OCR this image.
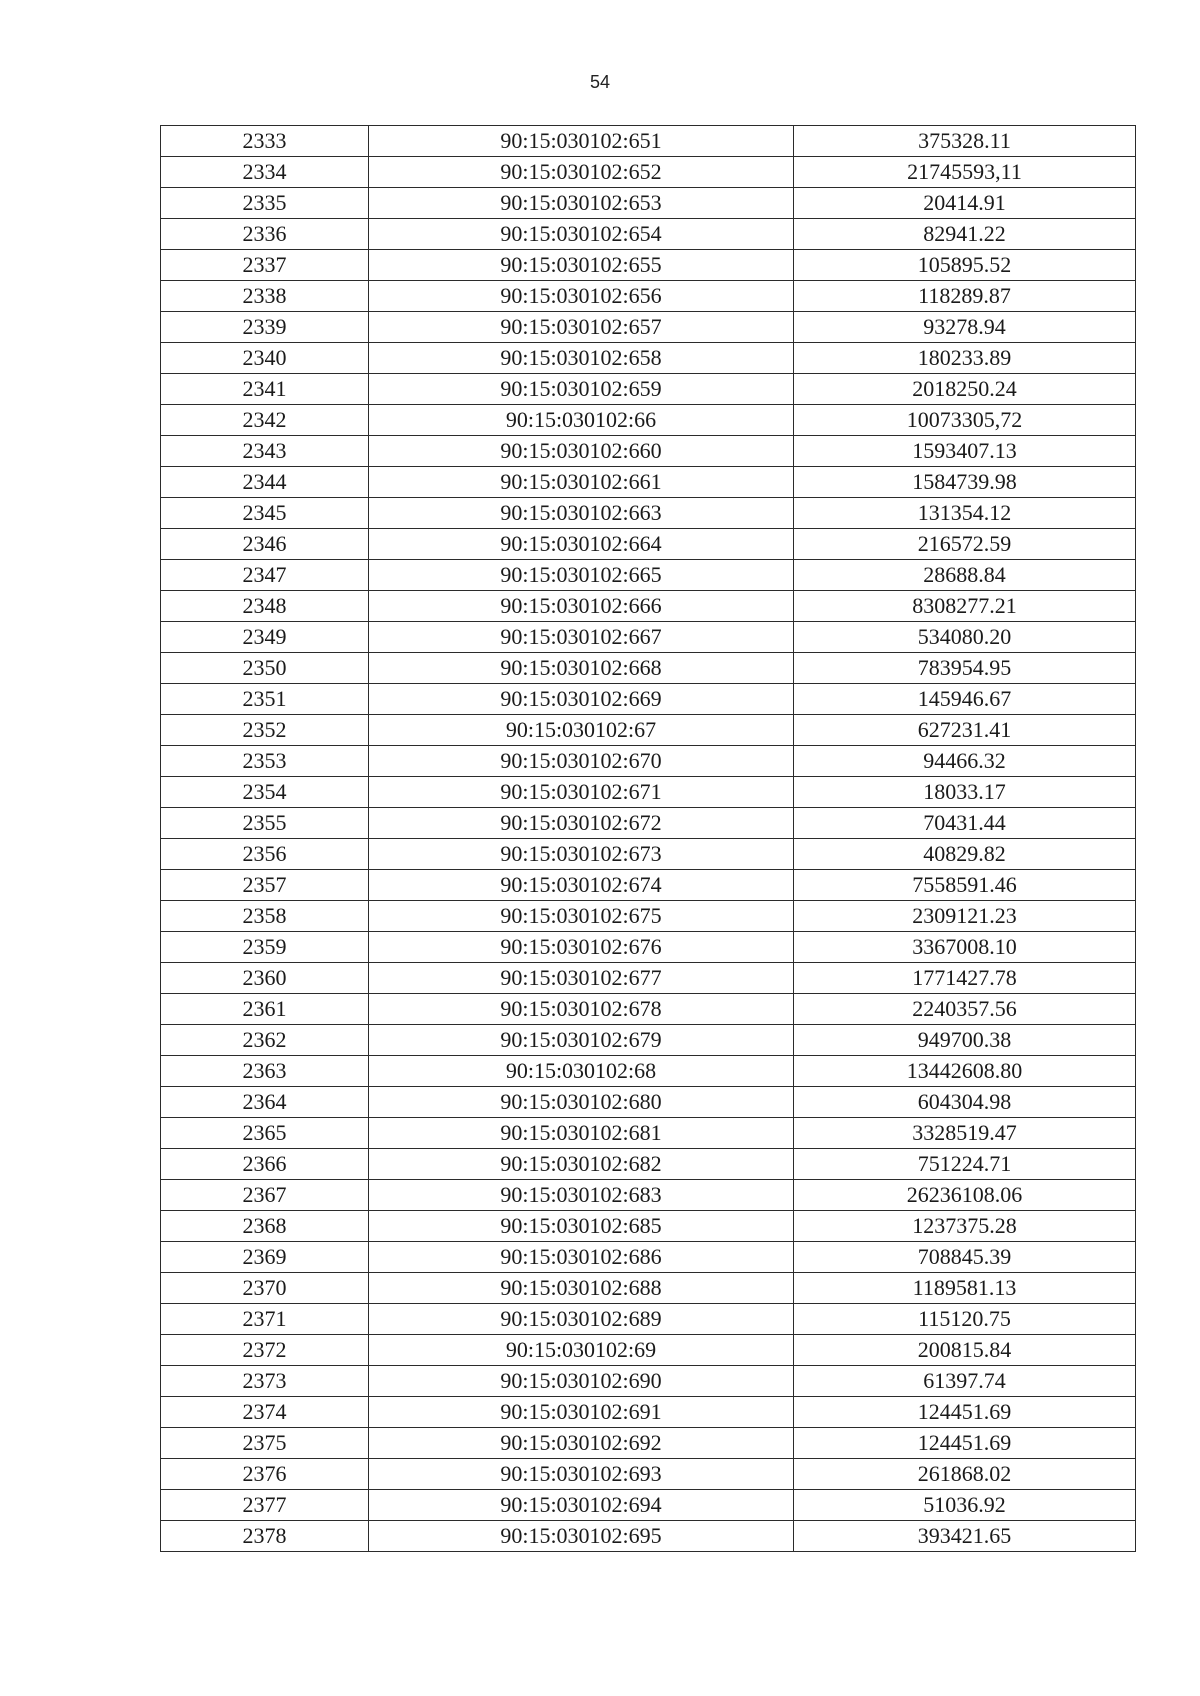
54
2333	90:15:030102:651	375328.11
2334	90:15:030102:652	21745593,11
2335	90:15:030102:653	20414.91
2336	90:15:030102:654	82941.22
2337	90:15:030102:655	105895.52
2338	90:15:030102:656	118289.87
2339	90:15:030102:657	93278.94
2340	90:15:030102:658	180233.89
2341	90:15:030102:659	2018250.24
2342	90:15:030102:66	10073305,72
2343	90:15:030102:660	1593407.13
2344	90:15:030102:661	1584739.98
2345	90:15:030102:663	131354.12
2346	90:15:030102:664	216572.59
2347	90:15:030102:665	28688.84
2348	90:15:030102:666	8308277.21
2349	90:15:030102:667	534080.20
2350	90:15:030102:668	783954.95
2351	90:15:030102:669	145946.67
2352	90:15:030102:67	627231.41
2353	90:15:030102:670	94466.32
2354	90:15:030102:671	18033.17
2355	90:15:030102:672	70431.44
2356	90:15:030102:673	40829.82
2357	90:15:030102:674	7558591.46
2358	90:15:030102:675	2309121.23
2359	90:15:030102:676	3367008.10
2360	90:15:030102:677	1771427.78
2361	90:15:030102:678	2240357.56
2362	90:15:030102:679	949700.38
2363	90:15:030102:68	13442608.80
2364	90:15:030102:680	604304.98
2365	90:15:030102:681	3328519.47
2366	90:15:030102:682	751224.71
2367	90:15:030102:683	26236108.06
2368	90:15:030102:685	1237375.28
2369	90:15:030102:686	708845.39
2370	90:15:030102:688	1189581.13
2371	90:15:030102:689	115120.75
2372	90:15:030102:69	200815.84
2373	90:15:030102:690	61397.74
2374	90:15:030102:691	124451.69
2375	90:15:030102:692	124451.69
2376	90:15:030102:693	261868.02
2377	90:15:030102:694	51036.92
2378	90:15:030102:695	393421.65
